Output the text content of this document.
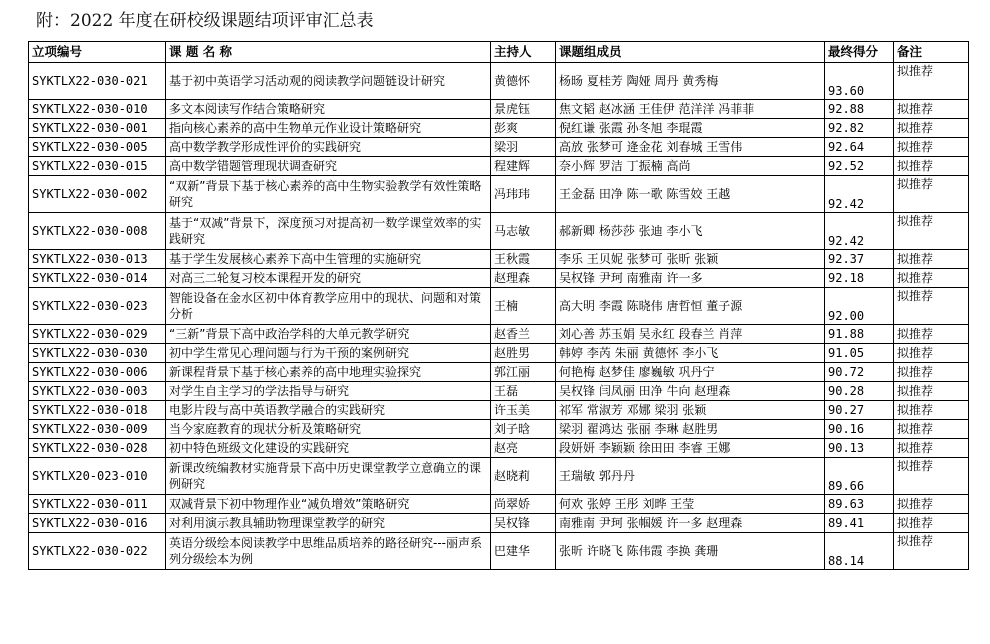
附：2022 年度在研校级课题结项评审汇总表
立项编号	课 题 名 称	主持人	课题组成员	最终得分	备注
SYKTLX22-030-021	基于初中英语学习活动观的阅读教学问题链设计研究	黄德怀	杨旸 夏桂芳 陶娅 周丹 黄秀梅	93.60	拟推荐
SYKTLX22-030-010	多文本阅读写作结合策略研究	景虎钰	焦文韬 赵冰涵 王佳伊 范洋洋 冯菲菲	92.88	拟推荐
SYKTLX22-030-001	指向核心素养的高中生物单元作业设计策略研究	彭爽	倪红谦 张霞 孙冬旭 李琨霞	92.82	拟推荐
SYKTLX22-030-005	高中数学教学形成性评价的实践研究	梁羽	高放 张梦可 逄金花 刘春城 王雪伟	92.64	拟推荐
SYKTLX22-030-015	高中数学错题管理现状调查研究	程建辉	奈小辉 罗洁 丁振楠 高尚	92.52	拟推荐
SYKTLX22-030-002	“双新”背景下基于核心素养的高中生物实验教学有效性策略研究	冯玮玮	王金磊 田净 陈一歌 陈雪姣 王越	92.42	拟推荐
SYKTLX22-030-008	基于“双减”背景下，深度预习对提高初一数学课堂效率的实践研究	马志敏	郝新卿 杨莎莎 张迪 李小飞	92.42	拟推荐
SYKTLX22-030-013	基于学生发展核心素养下高中生管理的实施研究	王秋霞	李乐 王贝妮 张梦可 张昕 张颖	92.37	拟推荐
SYKTLX22-030-014	对高三二轮复习校本课程开发的研究	赵理森	吴权锋 尹珂 南雅南 许一多	92.18	拟推荐
SYKTLX22-030-023	智能设备在金水区初中体育教学应用中的现状、问题和对策分析	王楠	高大明 李霞 陈晓伟 唐哲恒 董子源	92.00	拟推荐
SYKTLX22-030-029	“三新”背景下高中政治学科的大单元教学研究	赵香兰	刘心善 苏玉娟 吴永红 段春兰 肖萍	91.88	拟推荐
SYKTLX22-030-030	初中学生常见心理问题与行为干预的案例研究	赵胜男	韩婷 李芮 朱丽 黄德怀 李小飞	91.05	拟推荐
SYKTLX22-030-006	新课程背景下基于核心素养的高中地理实验探究	郭江丽	何艳梅 赵梦佳 廖巍敏 巩丹宁	90.72	拟推荐
SYKTLX22-030-003	对学生自主学习的学法指导与研究	王磊	吴权锋 闫凤丽 田净 牛向 赵理森	90.28	拟推荐
SYKTLX22-030-018	电影片段与高中英语教学融合的实践研究	许玉美	祁军 常淑芳 邓娜 梁羽 张颖	90.27	拟推荐
SYKTLX22-030-009	当今家庭教育的现状分析及策略研究	刘子晗	梁羽 翟鸿达 张丽 李琳 赵胜男	90.16	拟推荐
SYKTLX22-030-028	初中特色班级文化建设的实践研究	赵亮	段妍妍 李颖颖 徐田田 李睿 王娜	90.13	拟推荐
SYKTLX20-023-010	新课改统编教材实施背景下高中历史课堂教学立意确立的课例研究	赵晓莉	王瑞敏 郭丹丹	89.66	拟推荐
SYKTLX22-030-011	双减背景下初中物理作业“减负增效”策略研究	尚翠娇	何欢 张婷 王彤 刘晔 王莹	89.63	拟推荐
SYKTLX22-030-016	对利用演示教具辅助物理课堂教学的研究	吴权锋	南雅南 尹珂 张帼媛 许一多 赵理森	89.41	拟推荐
SYKTLX22-030-022	英语分级绘本阅读教学中思维品质培养的路径研究---丽声系列分级绘本为例	巴建华	张昕 许晓飞 陈伟霞 李换 龚珊	88.14	拟推荐
